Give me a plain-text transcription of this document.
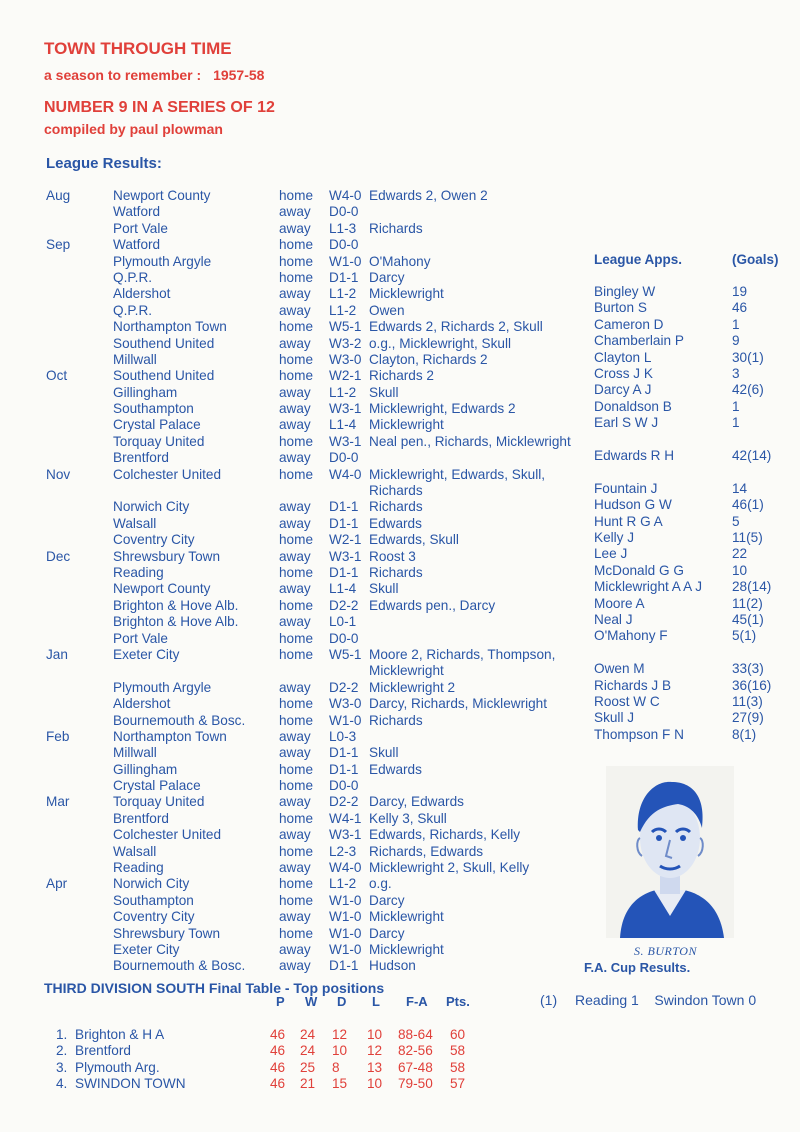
TOWN THROUGH TIME
a season to remember : 1957-58
NUMBER 9 IN A SERIES OF 12
compiled by paul plowman
League Results:
Aug	Newport County	home W4-0 Edwards 2, Owen 2
Watford	away D0-0
Port Vale	away L1-3 Richards
Sep	Watford	home D0-0
Plymouth Argyle	home W1-0 O'Mahony
Q.P.R.	home D1-1 Darcy
Aldershot	away L1-2 Micklewright
Q.P.R.	away L1-2 Owen
Northampton Town	home W5-1 Edwards 2, Richards 2, Skull
Southend United	away W3-2 o.g., Micklewright, Skull
Millwall	home W3-0 Clayton, Richards 2
Oct	Southend United	home W2-1 Richards 2
Gillingham	away L1-2 Skull
Southampton	away W3-1 Micklewright, Edwards 2
Crystal Palace	away L1-4 Micklewright
Torquay United	home W3-1 Neal pen., Richards, Micklewright
Brentford	away D0-0
Nov	Colchester United	home W4-0 Micklewright, Edwards, Skull, Richards
Norwich City	away D1-1 Richards
Walsall	away D1-1 Edwards
Coventry City	home W2-1 Edwards, Skull
Dec	Shrewsbury Town	away W3-1 Roost 3
Reading	home D1-1 Richards
Newport County	away L1-4 Skull
Brighton & Hove Alb.	home D2-2 Edwards pen., Darcy
Brighton & Hove Alb.	away L0-1
Port Vale	home D0-0
Jan	Exeter City	home W5-1 Moore 2, Richards, Thompson, Micklewright
Plymouth Argyle	away D2-2 Micklewright 2
Aldershot	home W3-0 Darcy, Richards, Micklewright
Bournemouth & Bosc. home W1-0 Richards
Feb	Northampton Town	away L0-3
Millwall	away D1-1 Skull
Gillingham	home D1-1 Edwards
Crystal Palace	home D0-0
Mar	Torquay United	away D2-2 Darcy, Edwards
Brentford	home W4-1 Kelly 3, Skull
Colchester United	away W3-1 Edwards, Richards, Kelly
Walsall	home L2-3 Richards, Edwards
Reading	away W4-0 Micklewright 2, Skull, Kelly
Apr	Norwich City	home L1-2 o.g.
Southampton	home W1-0 Darcy
Coventry City	away W1-0 Micklewright
Shrewsbury Town	home W1-0 Darcy
Exeter City	away W1-0 Micklewright
Bournemouth & Bosc. away D1-1 Hudson
League Apps.	(Goals)
Bingley W	19
Burton S	46
Cameron D	1
Chamberlain P	9
Clayton L	30(1)
Cross J K	3
Darcy A J	42(6)
Donaldson B	1
Earl S W J	1
Edwards R H	42(14)
Fountain J	14
Hudson G W	46(1)
Hunt R G A	5
Kelly J	11(5)
Lee J	22
McDonald G G	10
Micklewright A A J 28(14)
Moore A	11(2)
Neal J	45(1)
O'Mahony F	5(1)
Owen M	33(3)
Richards J B	36(16)
Roost W C	11(3)
Skull J	27(9)
Thompson F N	8(1)
S. BURTON
F.A. Cup Results.
(1) Reading 1    Swindon Town 0
THIRD DIVISION SOUTH Final Table - Top positions
P W D L F-A Pts.
1. Brighton & H A	46 24 12 10 88-64 60
2. Brentford	46 24 10 12 82-56 58
3. Plymouth Arg.	46 25 8 13 67-48 58
4. SWINDON TOWN	46 21 15 10 79-50 57
